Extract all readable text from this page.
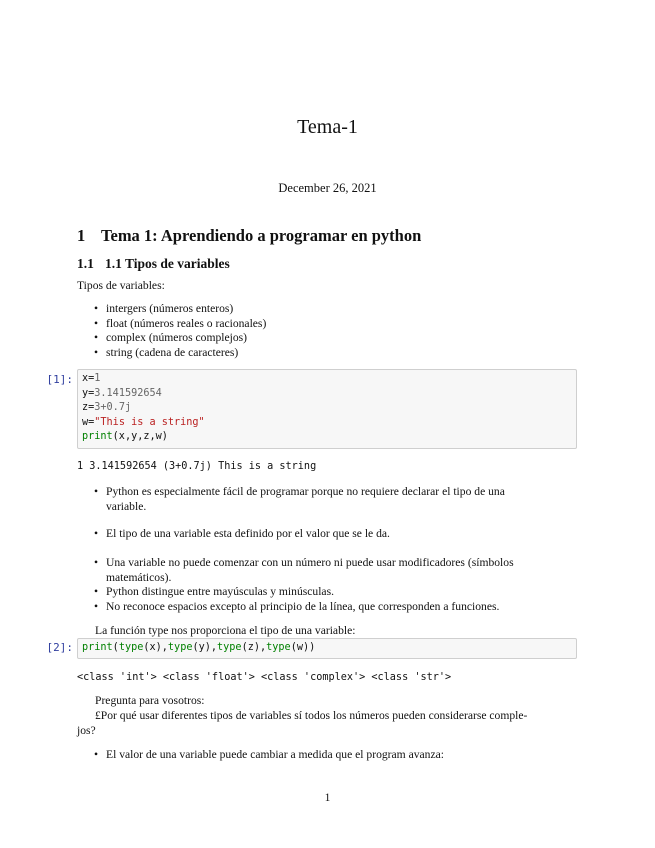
Tema-1
December 26, 2021
1 Tema 1: Aprendiendo a programar en python
1.1 1.1 Tipos de variables
Tipos de variables:
• intergers (números enteros)
• float (números reales o racionales)
• complex (números complejos)
• string (cadena de caracteres)
[1]: x=1
y=3.141592654
z=3+0.7j
w="This is a string"
print(x,y,z,w)
1 3.141592654 (3+0.7j) This is a string
• Python es especialmente fácil de programar porque no requiere declarar el tipo de una
variable.
• El tipo de una variable esta definido por el valor que se le da.
• Una variable no puede comenzar con un número ni puede usar modificadores (símbolos
matemáticos).
• Python distingue entre mayúsculas y minúsculas.
• No reconoce espacios excepto al principio de la línea, que corresponden a funciones.
La función type nos proporciona el tipo de una variable:
[2]: print(type(x),type(y),type(z),type(w))
<class 'int'> <class 'float'> <class 'complex'> <class 'str'>
Pregunta para vosotros:
£Por qué usar diferentes tipos de variables sí todos los números pueden considerarse comple-
jos?
• El valor de una variable puede cambiar a medida que el program avanza:
1
